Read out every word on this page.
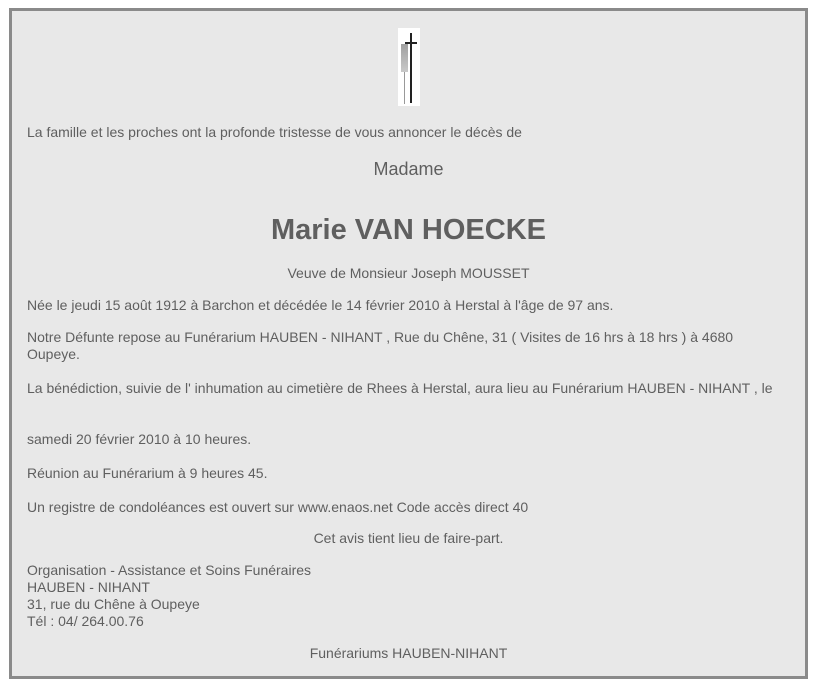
La famille et les proches ont la profonde tristesse de vous annoncer le décès de

Madame

Marie VAN HOECKE

Veuve de Monsieur Joseph MOUSSET

Née le jeudi 15 août 1912 à Barchon et décédée le 14 février 2010 à Herstal à l'âge de 97 ans.

Notre Défunte repose au Funérarium HAUBEN - NIHANT , Rue du Chêne, 31 ( Visites de 16 hrs à 18 hrs ) à 4680 Oupeye.

La bénédiction, suivie de l' inhumation au cimetière de Rhees à Herstal, aura lieu au Funérarium HAUBEN - NIHANT , le

samedi 20 février 2010 à 10 heures.

Réunion au Funérarium à 9 heures 45.

Un registre de condoléances est ouvert sur www.enaos.net Code accès direct 40

Cet avis tient lieu de faire-part.

Organisation - Assistance et Soins Funéraires
HAUBEN - NIHANT
31, rue du Chêne à Oupeye
Tél : 04/ 264.00.76

Funérariums HAUBEN-NIHANT
